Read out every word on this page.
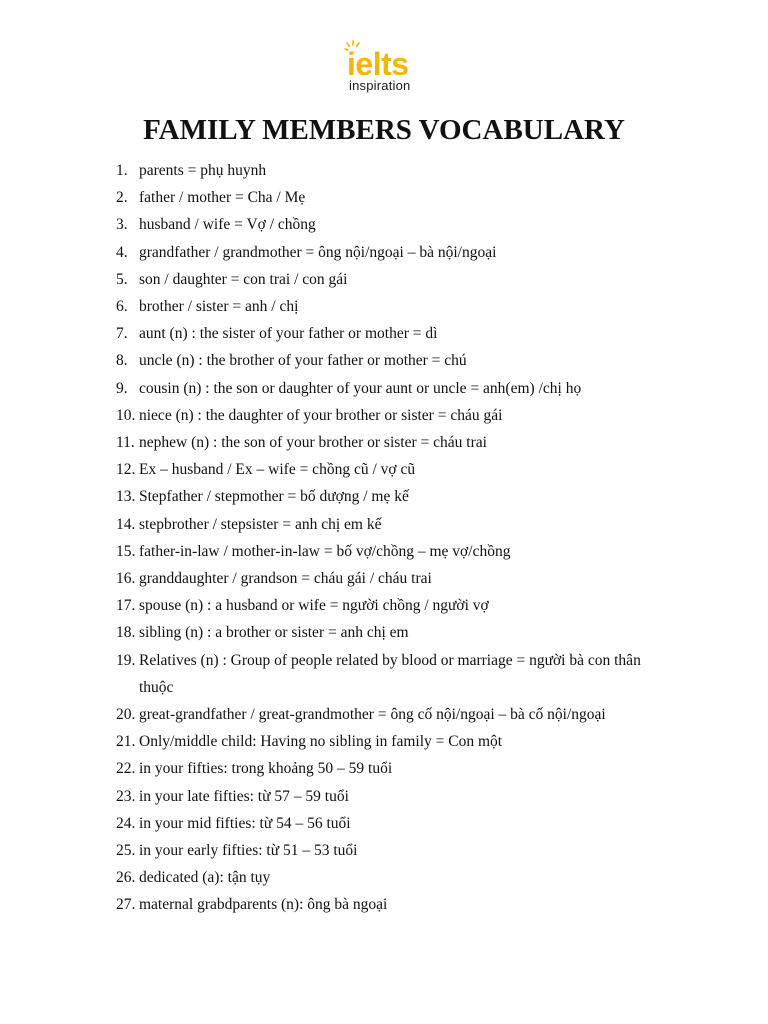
ielts
inspiration
FAMILY MEMBERS VOCABULARY
1. parents = phụ huynh
2. father / mother = Cha / Mẹ
3. husband / wife = Vợ / chồng
4. grandfather / grandmother = ông nội/ngoại – bà nội/ngoại
5. son / daughter = con trai / con gái
6. brother / sister = anh / chị
7. aunt (n) : the sister of your father or mother = dì
8. uncle (n) : the brother of your father or mother = chú
9. cousin (n) : the son or daughter of your aunt or uncle = anh(em) /chị họ
10. niece (n) : the daughter of your brother or sister = cháu gái
11. nephew (n) : the son of your brother or sister = cháu trai
12. Ex – husband / Ex – wife = chồng cũ / vợ cũ
13. Stepfather / stepmother = bố dượng / mẹ kế
14. stepbrother / stepsister = anh chị em kế
15. father-in-law / mother-in-law = bố vợ/chồng – mẹ vợ/chồng
16. granddaughter / grandson = cháu gái / cháu trai
17. spouse (n) : a husband or wife = người chồng / người vợ
18. sibling (n) : a brother or sister = anh chị em
19. Relatives (n) : Group of people related by blood or marriage = người bà con thân thuộc
20. great-grandfather / great-grandmother = ông cố nội/ngoại – bà cố nội/ngoại
21. Only/middle child: Having no sibling in family = Con một
22. in your fifties: trong khoảng 50 – 59 tuổi
23. in your late fifties: từ 57 – 59 tuổi
24. in your mid fifties: từ 54 – 56 tuổi
25. in your early fifties: từ 51 – 53 tuổi
26. dedicated (a): tận tụy
27. maternal grabdparents (n): ông bà ngoại
